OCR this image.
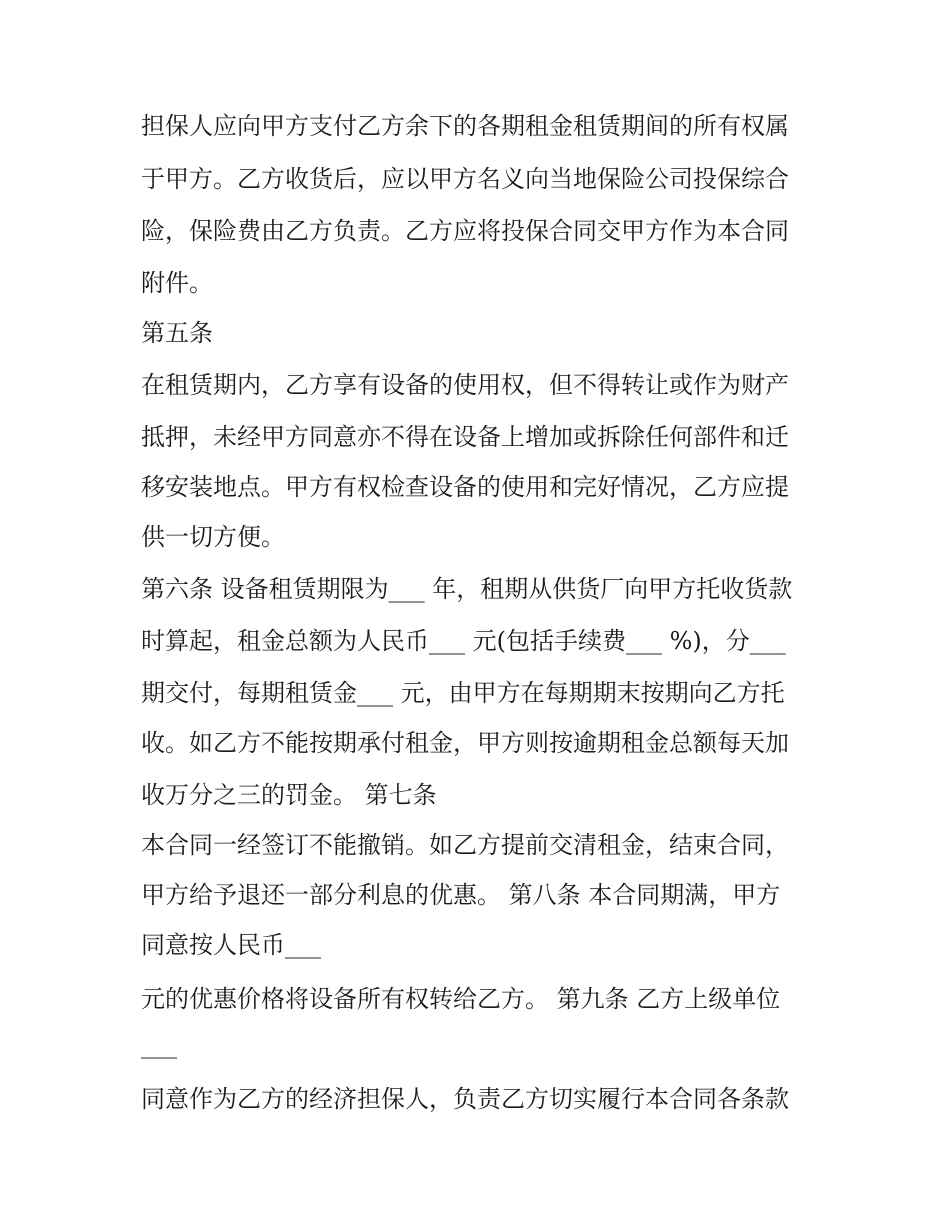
担保人应向甲方支付乙方余下的各期租金租赁期间的所有权属

于甲方。乙方收货后，应以甲方名义向当地保险公司投保综合

险，保险费由乙方负责。乙方应将投保合同交甲方作为本合同

附件。

第五条

在租赁期内，乙方享有设备的使用权，但不得转让或作为财产

抵押，未经甲方同意亦不得在设备上增加或拆除任何部件和迁

移安装地点。甲方有权检查设备的使用和完好情况，乙方应提

供一切方便。

第六条 设备租赁期限为___ 年，租期从供货厂向甲方托收货款

时算起，租金总额为人民币___ 元(包括手续费___ %)，分___

期交付，每期租赁金___ 元，由甲方在每期期末按期向乙方托

收。如乙方不能按期承付租金，甲方则按逾期租金总额每天加

收万分之三的罚金。 第七条

本合同一经签订不能撤销。如乙方提前交清租金，结束合同，

甲方给予退还一部分利息的优惠。 第八条 本合同期满，甲方

同意按人民币___

元的优惠价格将设备所有权转给乙方。 第九条 乙方上级单位

___

同意作为乙方的经济担保人，负责乙方切实履行本合同各条款
